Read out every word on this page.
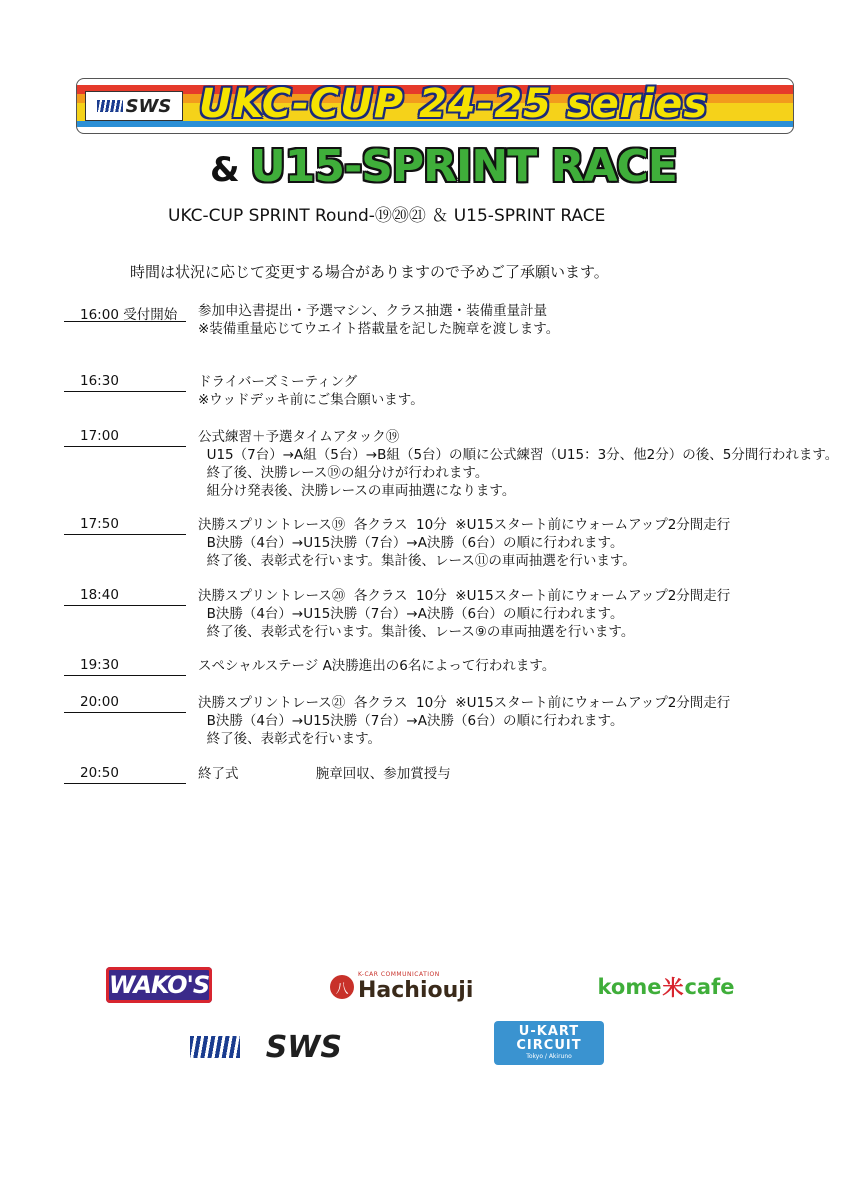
SWS UKC-CUP 24-25 series
& U15-SPRINT RACE
UKC-CUP SPRINT Round-⑲⑳㉑ ＆ U15-SPRINT RACE
時間は状況に応じて変更する場合がありますので予めご了承願います。
16:00 受付開始	参加申込書提出・予選マシン、クラス抽選・装備重量計量
※装備重量応じてウエイト搭載量を記した腕章を渡します。
16:30	ドライバーズミーティング
※ウッドデッキ前にご集合願います。
17:00	公式練習＋予選タイムアタック⑲
U15（7台）→A組（5台）→B組（5台）の順に公式練習（U15：3分、他2分）の後、5分間行われます。
終了後、決勝レース⑲の組分けが行われます。
組分け発表後、決勝レースの車両抽選になります。
17:50	決勝スプリントレース⑲  各クラス  10分  ※U15スタート前にウォームアップ2分間走行
B決勝（4台）→U15決勝（7台）→A決勝（6台）の順に行われます。
終了後、表彰式を行います。集計後、レース⑪の車両抽選を行います。
18:40	決勝スプリントレース⑳  各クラス  10分  ※U15スタート前にウォームアップ2分間走行
B決勝（4台）→U15決勝（7台）→A決勝（6台）の順に行われます。
終了後、表彰式を行います。集計後、レース⑨の車両抽選を行います。
19:30	スペシャルステージ A決勝進出の6名によって行われます。
20:00	決勝スプリントレース㉑  各クラス  10分  ※U15スタート前にウォームアップ2分間走行
B決勝（4台）→U15決勝（7台）→A決勝（6台）の順に行われます。
終了後、表彰式を行います。
20:50	終了式                  腕章回収、参加賞授与
WAKO'S	八
K-CAR COMMUNICATION
Hachiouji	kome 米 cafe
SWS	U-KART
CIRCUIT
Tokyo / Akiruno
